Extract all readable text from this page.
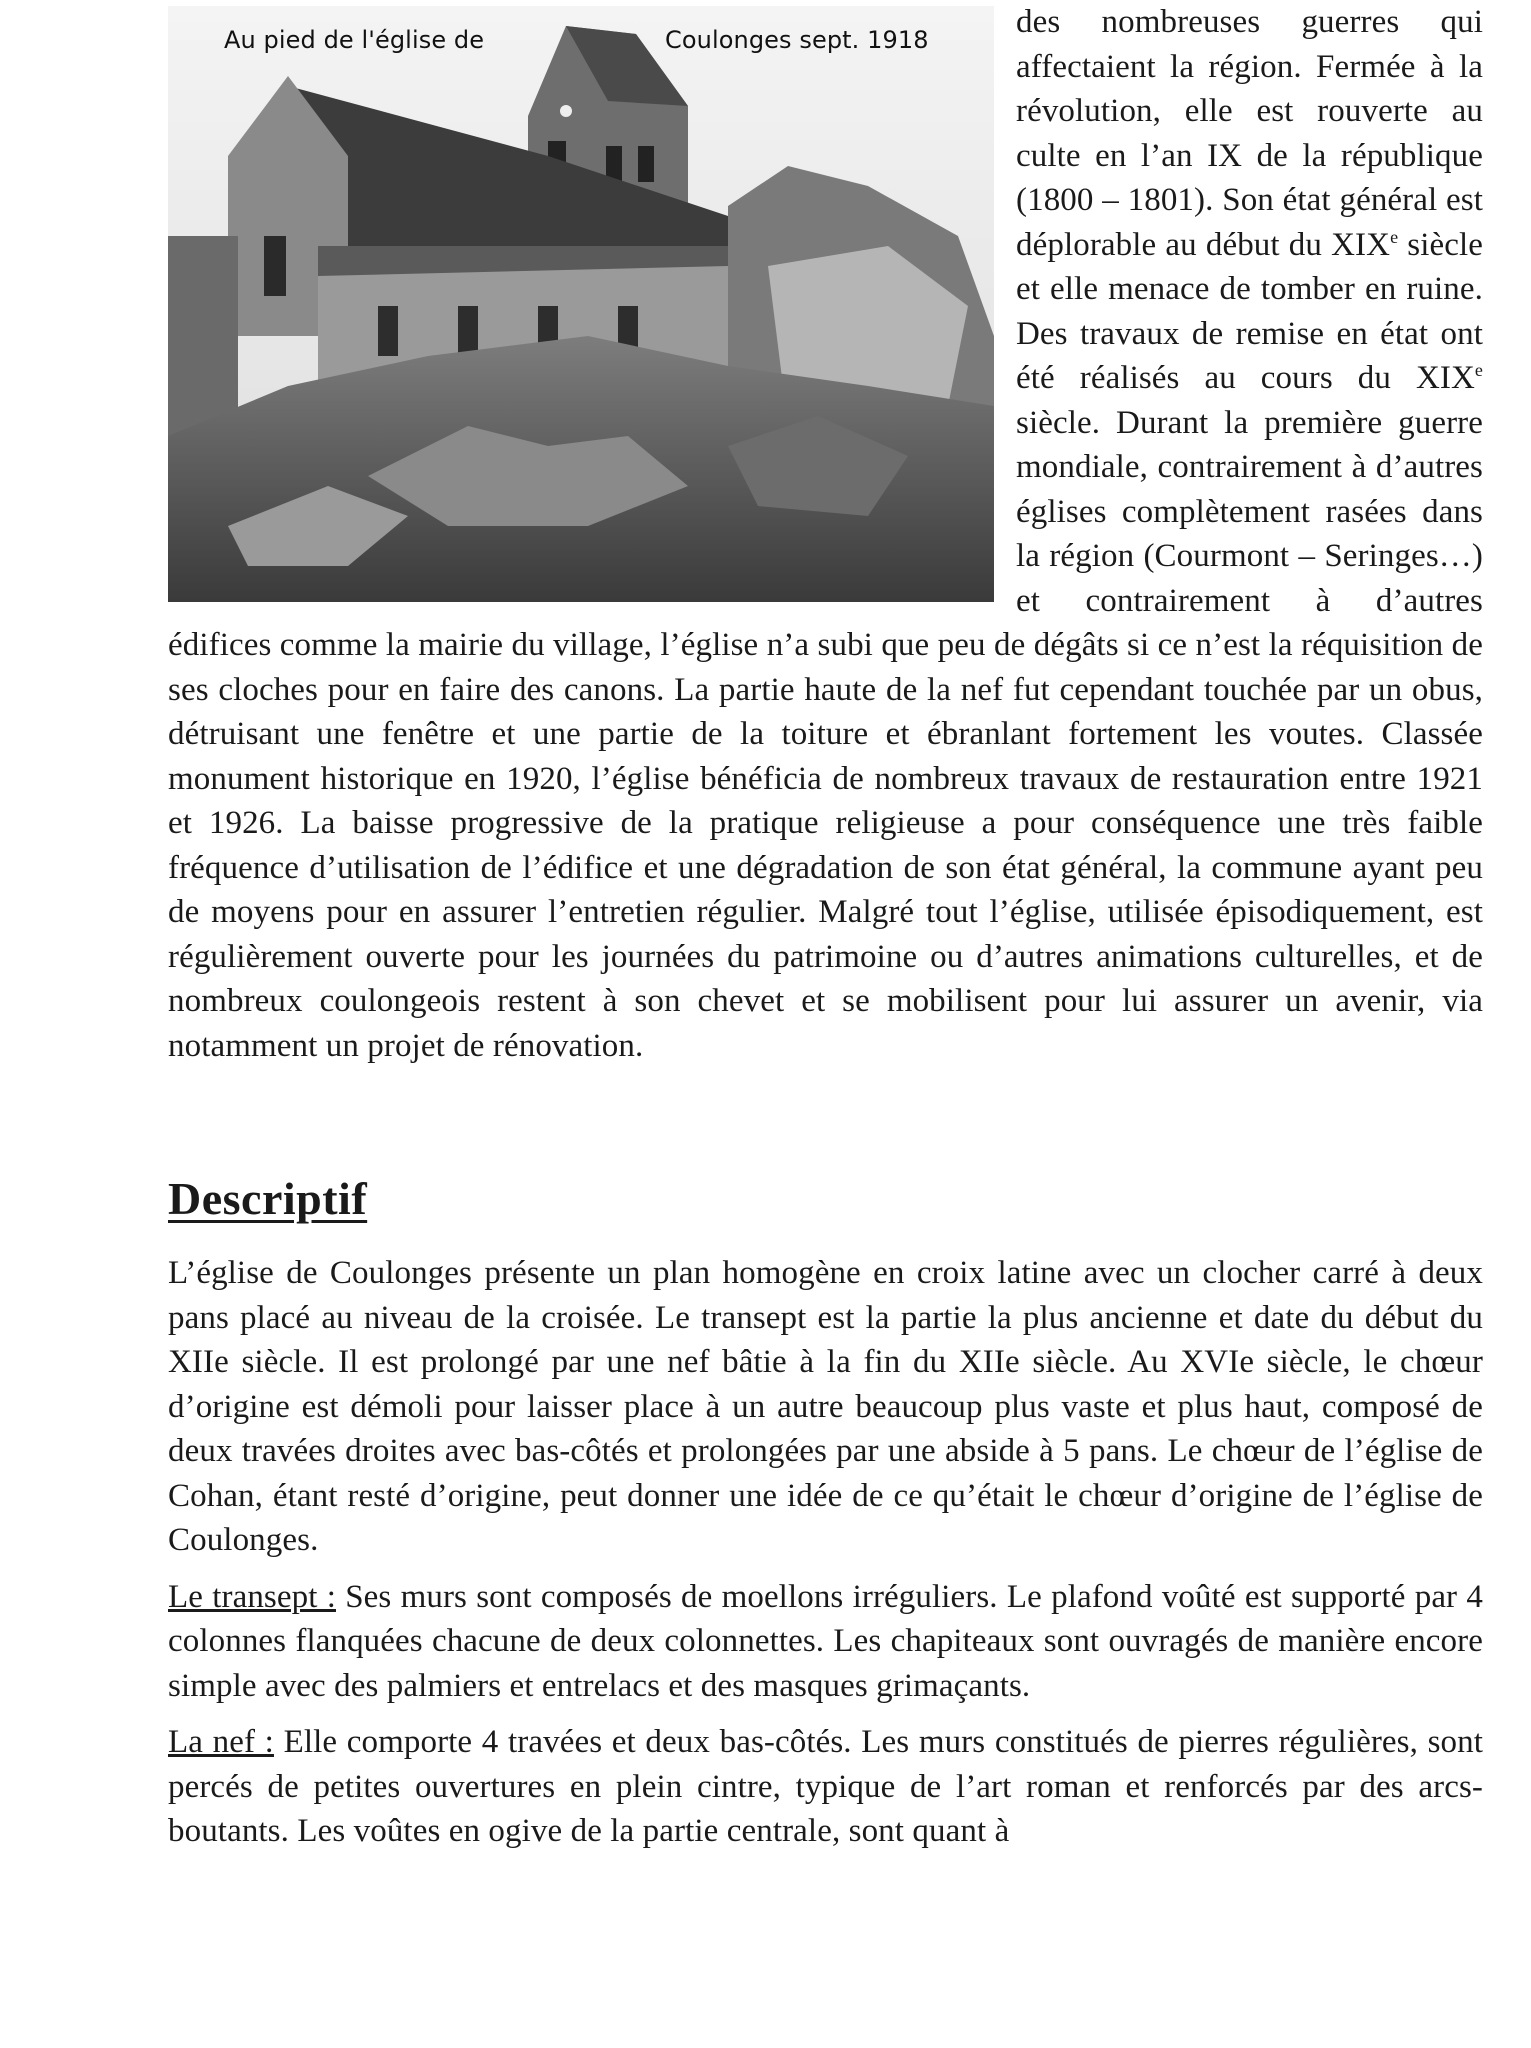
Au pied de l'église de	Coulonges sept. 1918	des nombreuses guerres qui affectaient la région. Fermée à la révolution, elle est rouverte au culte en l’an IX de la république (1800 – 1801). Son état général est déplorable au début du XIXe siècle et elle menace de tomber en ruine. Des travaux de remise en état ont été réalisés au cours du XIXe siècle. Durant la première guerre mondiale, contrairement à d’autres églises complètement rasées dans la région (Courmont – Seringes…) et contrairement à d’autres édifices comme la mairie du village, l’église n’a subi que peu de dégâts si ce n’est la réquisition de ses cloches pour en faire des canons. La partie haute de la nef fut cependant touchée par un obus, détruisant une fenêtre et une partie de la toiture et ébranlant fortement les voutes. Classée monument historique en 1920, l’église bénéficia de nombreux travaux de restauration entre 1921 et 1926. La baisse progressive de la pratique religieuse a pour conséquence une très faible fréquence d’utilisation de l’édifice et une dégradation de son état général, la commune ayant peu de moyens pour en assurer l’entretien régulier. Malgré tout l’église, utilisée épisodiquement, est régulièrement ouverte pour les journées du patrimoine ou d’autres animations culturelles, et de nombreux coulongeois restent à son chevet et se mobilisent pour lui assurer un avenir, via notamment un projet de rénovation.
Descriptif

L’église de Coulonges présente un plan homogène en croix latine avec un clocher carré à deux pans placé au niveau de la croisée. Le transept est la partie la plus ancienne et date du début du XIIe siècle. Il est prolongé par une nef bâtie à la fin du XIIe siècle. Au XVIe siècle, le chœur d’origine est démoli pour laisser place à un autre beaucoup plus vaste et plus haut, composé de deux travées droites avec bas-côtés et prolongées par une abside à 5 pans. Le chœur de l’église de Cohan, étant resté d’origine, peut donner une idée de ce qu’était le chœur d’origine de l’église de Coulonges.

Le transept : Ses murs sont composés de moellons irréguliers. Le plafond voûté est supporté par 4 colonnes flanquées chacune de deux colonnettes. Les chapiteaux sont ouvragés de manière encore simple avec des palmiers et entrelacs et des masques grimaçants.

La nef : Elle comporte 4 travées et deux bas-côtés. Les murs constitués de pierres régulières, sont percés de petites ouvertures en plein cintre, typique de l’art roman et renforcés par des arcs-boutants. Les voûtes en ogive de la partie centrale, sont quant à
